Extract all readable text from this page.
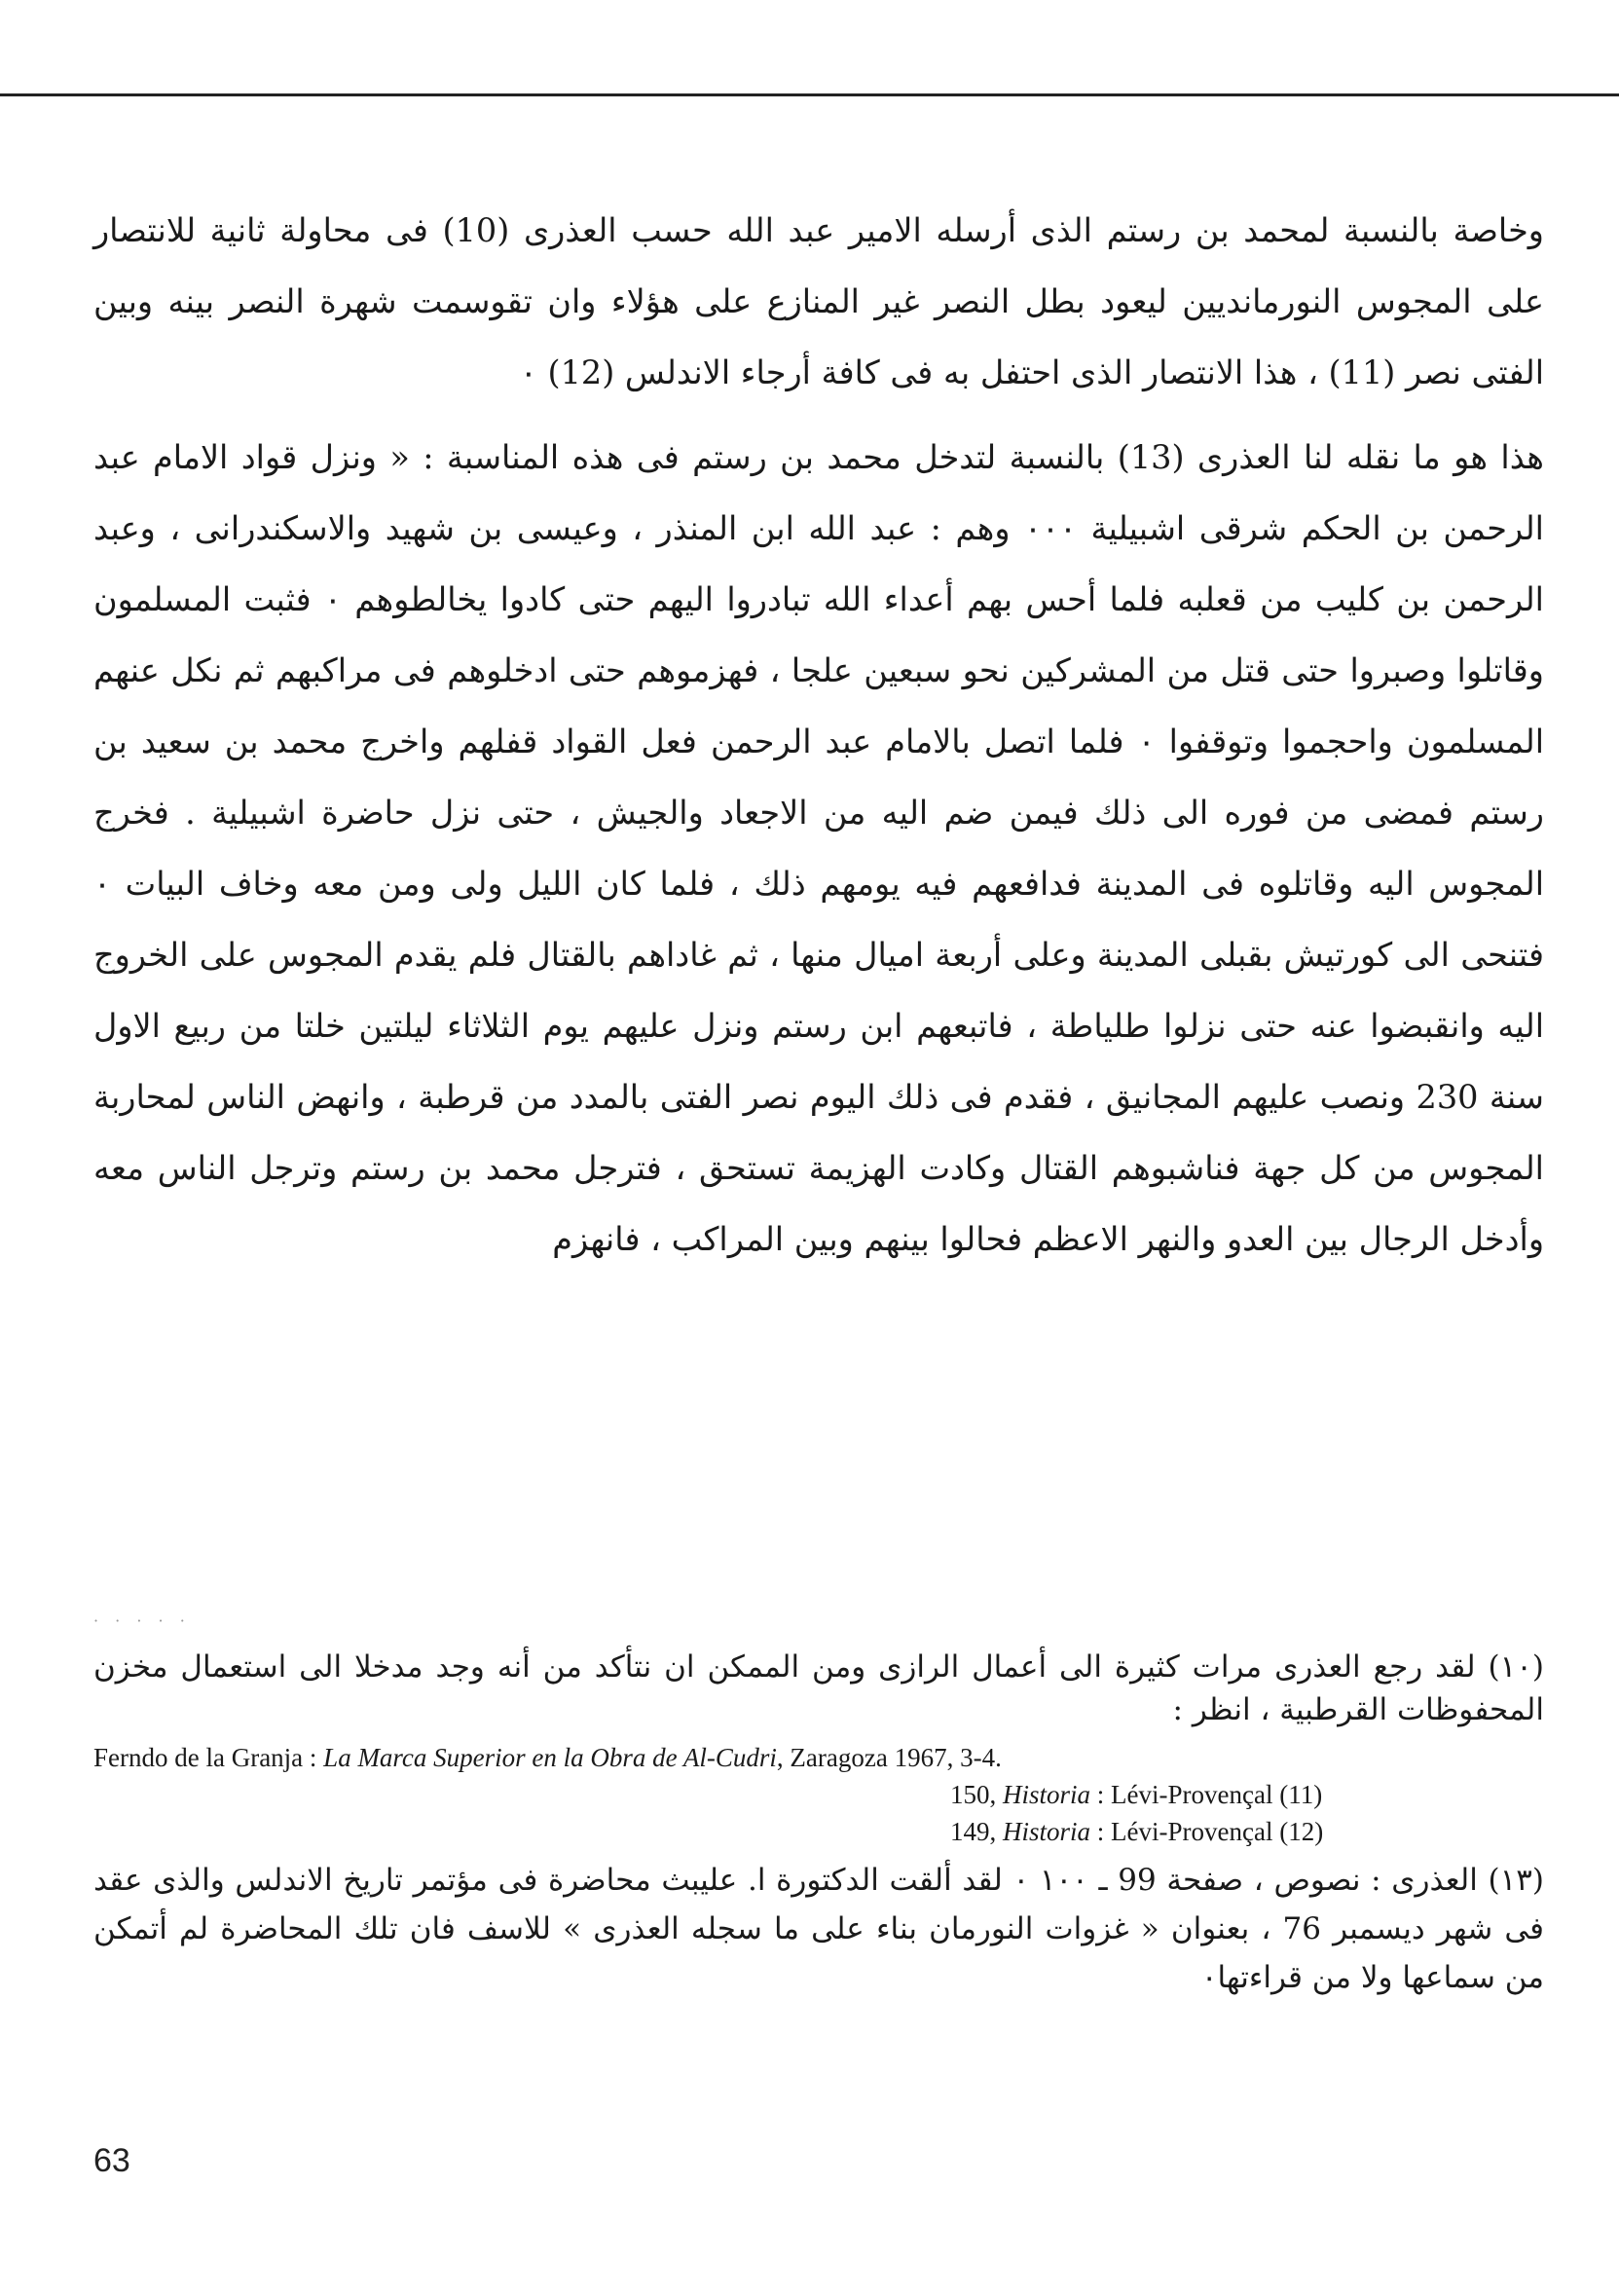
وخاصة بالنسبة لمحمد بن رستم الذى أرسله الامير عبد الله حسب العذرى (10) فى محاولة ثانية للانتصار على المجوس النورمانديين ليعود بطل النصر غير المنازع على هؤلاء وان تقوسمت شهرة النصر بينه وبين الفتى نصر (11) ، هذا الانتصار الذى احتفل به فى كافة أرجاء الاندلس (12) ٠

هذا هو ما نقله لنا العذرى (13) بالنسبة لتدخل محمد بن رستم فى هذه المناسبة : « ونزل قواد الامام عبد الرحمن بن الحكم شرقى اشبيلية ٠٠٠ وهم : عبد الله ابن المنذر ، وعيسى بن شهيد والاسكندرانى ، وعبد الرحمن بن كليب من قعلبه فلما أحس بهم أعداء الله تبادروا اليهم حتى كادوا يخالطوهم ٠ فثبت المسلمون وقاتلوا وصبروا حتى قتل من المشركين نحو سبعين علجا ، فهزموهم حتى ادخلوهم فى مراكبهم ثم نكل عنهم المسلمون واحجموا وتوقفوا ٠ فلما اتصل بالامام عبد الرحمن فعل القواد قفلهم واخرج محمد بن سعيد بن رستم فمضى من فوره الى ذلك فيمن ضم اليه من الاجعاد والجيش ، حتى نزل حاضرة اشبيلية . فخرج المجوس اليه وقاتلوه فى المدينة فدافعهم فيه يومهم ذلك ، فلما كان الليل ولى ومن معه وخاف البيات ٠ فتنحى الى كورتيش بقبلى المدينة وعلى أربعة اميال منها ، ثم غاداهم بالقتال فلم يقدم المجوس على الخروج اليه وانقبضوا عنه حتى نزلوا طلياطة ، فاتبعهم ابن رستم ونزل عليهم يوم الثلاثاء ليلتين خلتا من ربيع الاول سنة 230 ونصب عليهم المجانيق ، فقدم فى ذلك اليوم نصر الفتى بالمدد من قرطبة ، وانهض الناس لمحاربة المجوس من كل جهة فناشبوهم القتال وكادت الهزيمة تستحق ، فترجل محمد بن رستم وترجل الناس معه وأدخل الرجال بين العدو والنهر الاعظم فحالوا بينهم وبين المراكب ، فانهزم

· · · · ·

(١٠) لقد رجع العذرى مرات كثيرة الى أعمال الرازى ومن الممكن ان نتأكد من أنه وجد مدخلا الى استعمال مخزن المحفوظات القرطبية ، انظر :

Ferndo de la Granja : La Marca Superior en la Obra de Al-Cudri, Zaragoza 1967, 3-4.

150, Historia : Lévi-Provençal (11)

149, Historia : Lévi-Provençal (12)

(١٣) العذرى : نصوص ، صفحة 99 ـ ١٠٠ ٠ لقد ألقت الدكتورة ا. عليبث محاضرة فى مؤتمر تاريخ الاندلس والذى عقد فى شهر ديسمبر 76 ، بعنوان « غزوات النورمان بناء على ما سجله العذرى » للاسف فان تلك المحاضرة لم أتمكن من سماعها ولا من قراءتها٠

63
